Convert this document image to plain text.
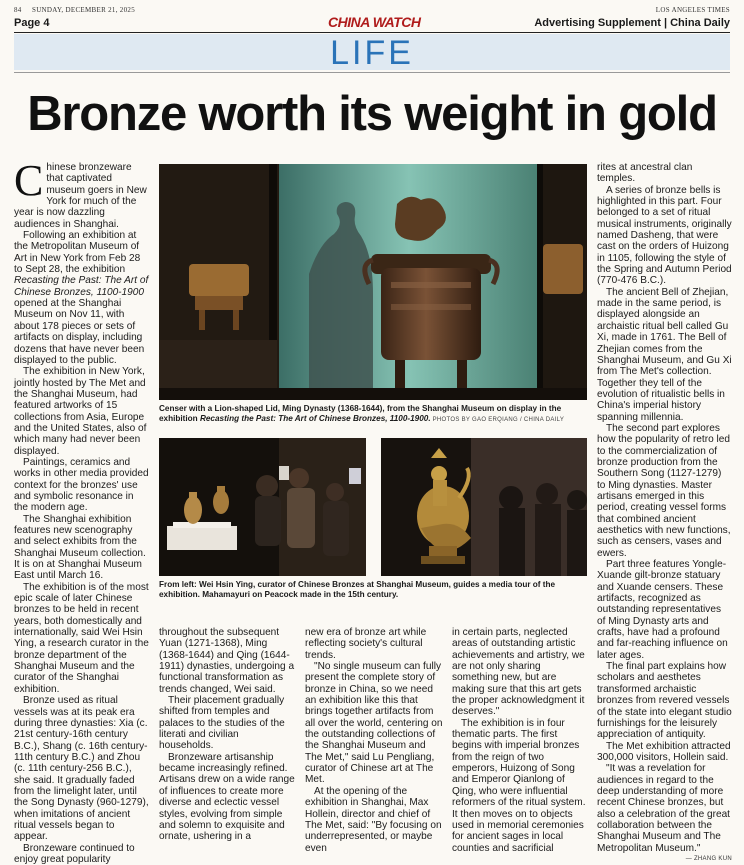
84 SUNDAY, DECEMBER 21, 2025	LOS ANGELES TIMES
Page 4	CHINA WATCH	Advertising Supplement | China Daily
LIFE
Bronze worth its weight in gold

Chinese bronzeware that captivated museum goers in New York for much of the year is now dazzling audiences in Shanghai.

Following an exhibition at the Metropolitan Museum of Art in New York from Feb 28 to Sept 28, the exhibition Recasting the Past: The Art of Chinese Bronzes, 1100-1900 opened at the Shanghai Museum on Nov 11, with about 178 pieces or sets of artifacts on display, including dozens that have never been displayed to the public.

The exhibition in New York, jointly hosted by The Met and the Shanghai Museum, had featured artworks of 15 collections from Asia, Europe and the United States, also of which many had never been displayed.

Paintings, ceramics and works in other media provided context for the bronzes' use and symbolic resonance in the modern age.

The Shanghai exhibition features new scenography and select exhibits from the Shanghai Museum collection. It is on at Shanghai Museum East until March 16.

The exhibition is of the most epic scale of later Chinese bronzes to be held in recent years, both domestically and internationally, said Wei Hsin Ying, a research curator in the bronze department of the Shanghai Museum and the curator of the Shanghai exhibition.

Bronze used as ritual vessels was at its peak era during three dynasties: Xia (c. 21st century-16th century B.C.), Shang (c. 16th century-11th century B.C.) and Zhou (c. 11th century-256 B.C.), she said. It gradually faded from the limelight later, until the Song Dynasty (960-1279), when imitations of ancient ritual vessels began to appear.

Bronzeware continued to enjoy great popularity

Censer with a Lion-shaped Lid, Ming Dynasty (1368-1644), from the Shanghai Museum on display in the exhibition Recasting the Past: The Art of Chinese Bronzes, 1100-1900. PHOTOS BY GAO ERQIANG / CHINA DAILY
From left: Wei Hsin Ying, curator of Chinese Bronzes at Shanghai Museum, guides a media tour of the exhibition. Mahamayuri on Peacock made in the 15th century.

throughout the subsequent Yuan (1271-1368), Ming (1368-1644) and Qing (1644-1911) dynasties, undergoing a functional transformation as trends changed, Wei said.

Their placement gradually shifted from temples and palaces to the studies of the literati and civilian households.

Bronzeware artisanship became increasingly refined. Artisans drew on a wide range of influences to create more diverse and eclectic vessel styles, evolving from simple and solemn to exquisite and ornate, ushering in a

new era of bronze art while reflecting society's cultural trends.

"No single museum can fully present the complete story of bronze in China, so we need an exhibition like this that brings together artifacts from all over the world, centering on the outstanding collections of the Shanghai Museum and The Met," said Lu Pengliang, curator of Chinese art at The Met.

At the opening of the exhibition in Shanghai, Max Hollein, director and chief of The Met, said: "By focusing on underrepresented, or maybe even

in certain parts, neglected areas of outstanding artistic achievements and artistry, we are not only sharing something new, but are making sure that this art gets the proper acknowledgment it deserves."

The exhibition is in four thematic parts. The first begins with imperial bronzes from the reign of two emperors, Huizong of Song and Emperor Qianlong of Qing, who were influential reformers of the ritual system. It then moves on to objects used in memorial ceremonies for ancient sages in local counties and sacrificial

rites at ancestral clan temples.

A series of bronze bells is highlighted in this part. Four belonged to a set of ritual musical instruments, originally named Dasheng, that were cast on the orders of Huizong in 1105, following the style of the Spring and Autumn Period (770-476 B.C.).

The ancient Bell of Zhejian, made in the same period, is displayed alongside an archaistic ritual bell called Gu Xi, made in 1761. The Bell of Zhejian comes from the Shanghai Museum, and Gu Xi from The Met's collection. Together they tell of the evolution of ritualistic bells in China's imperial history spanning millennia.

The second part explores how the popularity of retro led to the commercialization of bronze production from the Southern Song (1127-1279) to Ming dynasties. Master artisans emerged in this period, creating vessel forms that combined ancient aesthetics with new functions, such as censers, vases and ewers.

Part three features Yongle-Xuande gilt-bronze statuary and Xuande censers. These artifacts, recognized as outstanding representatives of Ming Dynasty arts and crafts, have had a profound and far-reaching influence on later ages.

The final part explains how scholars and aesthetes transformed archaistic bronzes from revered vessels of the state into elegant studio furnishings for the leisurely appreciation of antiquity.

The Met exhibition attracted 300,000 visitors, Hollein said.

"It was a revelation for audiences in regard to the deep understanding of more recent Chinese bronzes, but also a celebration of the great collaboration between the Shanghai Museum and The Metropolitan Museum."

— ZHANG KUN
